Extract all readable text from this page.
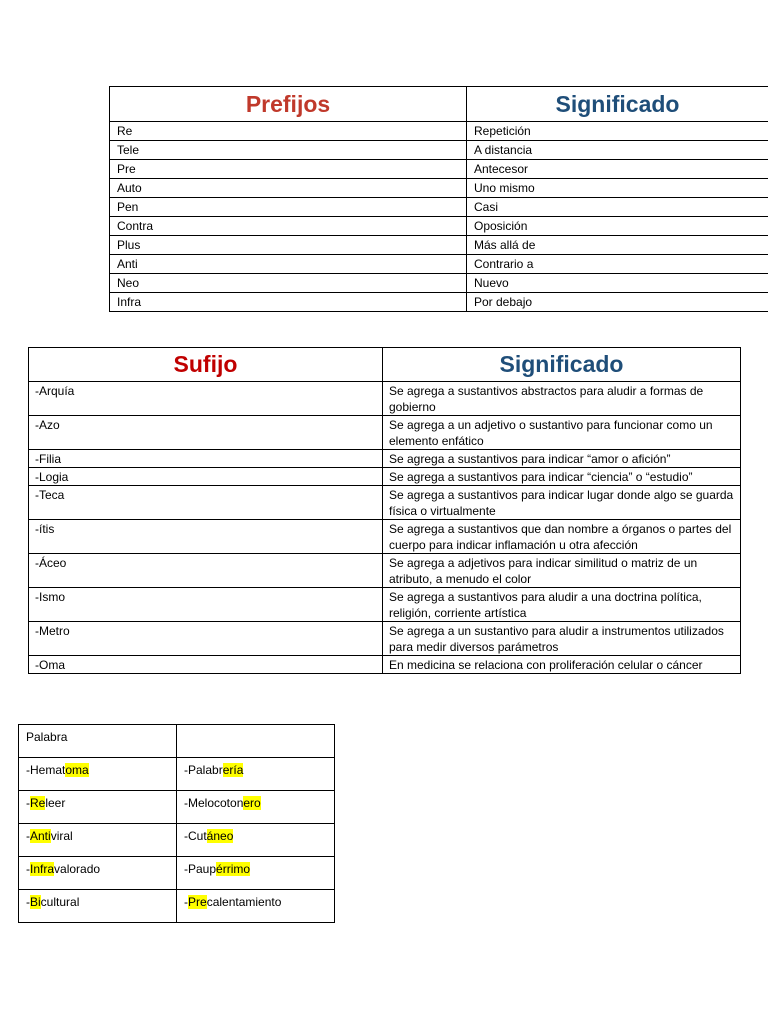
Prefijos	Significado
Re	Repetición
Tele	A distancia
Pre	Antecesor
Auto	Uno mismo
Pen	Casi
Contra	Oposición
Plus	Más allá de
Anti	Contrario a
Neo	Nuevo
Infra	Por debajo
Sufijo	Significado
-Arquía	Se agrega a sustantivos abstractos para aludir a formas de gobierno
-Azo	Se agrega a un adjetivo o sustantivo para funcionar como un elemento enfático
-Filia	Se agrega a sustantivos para indicar “amor o afición”
-Logia	Se agrega a sustantivos para indicar “ciencia” o “estudio”
-Teca	Se agrega a sustantivos para indicar lugar donde algo se guarda física o virtualmente
-ítis	Se agrega a sustantivos que dan nombre a órganos o partes del cuerpo para indicar inflamación u otra afección
-Áceo	Se agrega a adjetivos para indicar similitud o matriz de un atributo, a menudo el color
-Ismo	Se agrega a sustantivos para aludir a una doctrina política, religión, corriente artística
-Metro	Se agrega a un sustantivo para aludir a instrumentos utilizados para medir diversos parámetros
-Oma	En medicina se relaciona con proliferación celular o cáncer
Palabra	
-Hematoma	-Palabrería
-Releer	-Melocotonero
-Antiviral	-Cutáneo
-Infravalorado	-Paupérrimo
-Bicultural	-Precalentamiento
